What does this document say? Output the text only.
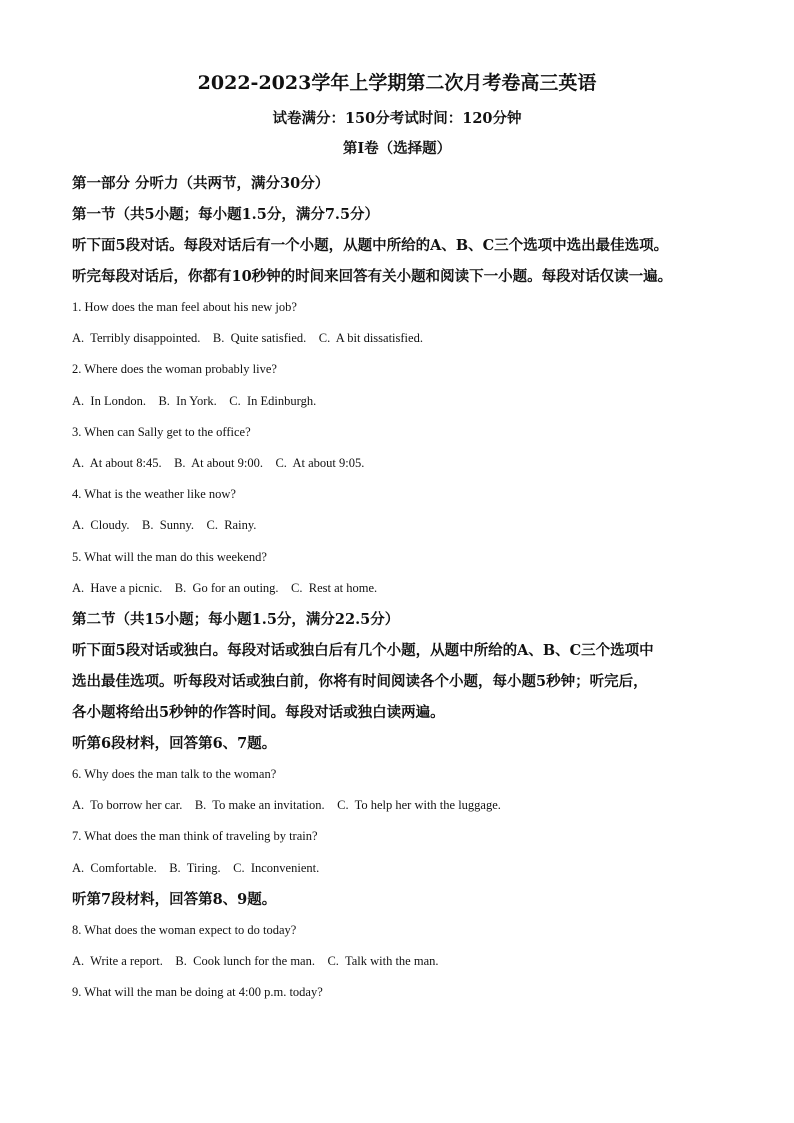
2022-2023学年上学期第二次月考卷高三英语
试卷满分：150分考试时间：120分钟
第Ⅰ卷（选择题）
第一部分 分听力（共两节，满分30分）
第一节（共5小题；每小题1.5分，满分7.5分）
听下面5段对话。每段对话后有一个小题，从题中所给的A、B、C三个选项中选出最佳选项。
听完每段对话后，你都有10秒钟的时间来回答有关小题和阅读下一小题。每段对话仅读一遍。
1. How does the man feel about his new job?
A.  Terribly disappointed.    B.  Quite satisfied.    C.  A bit dissatisfied.
2. Where does the woman probably live?
A.  In London.    B.  In York.    C.  In Edinburgh.
3. When can Sally get to the office?
A.  At about 8:45.    B.  At about 9:00.    C.  At about 9:05.
4. What is the weather like now?
A.  Cloudy.    B.  Sunny.    C.  Rainy.
5. What will the man do this weekend?
A.  Have a picnic.    B.  Go for an outing.    C.  Rest at home.
第二节（共15小题；每小题1.5分，满分22.5分）
听下面5段对话或独白。每段对话或独白后有几个小题，从题中所给的A、B、C三个选项中
选出最佳选项。听每段对话或独白前，你将有时间阅读各个小题，每小题5秒钟；听完后，
各小题将给出5秒钟的作答时间。每段对话或独白读两遍。
听第6段材料，回答第6、7题。
6. Why does the man talk to the woman?
A.  To borrow her car.    B.  To make an invitation.    C.  To help her with the luggage.
7. What does the man think of traveling by train?
A.  Comfortable.    B.  Tiring.    C.  Inconvenient.
听第7段材料，回答第8、9题。
8. What does the woman expect to do today?
A.  Write a report.    B.  Cook lunch for the man.    C.  Talk with the man.
9. What will the man be doing at 4:00 p.m. today?
